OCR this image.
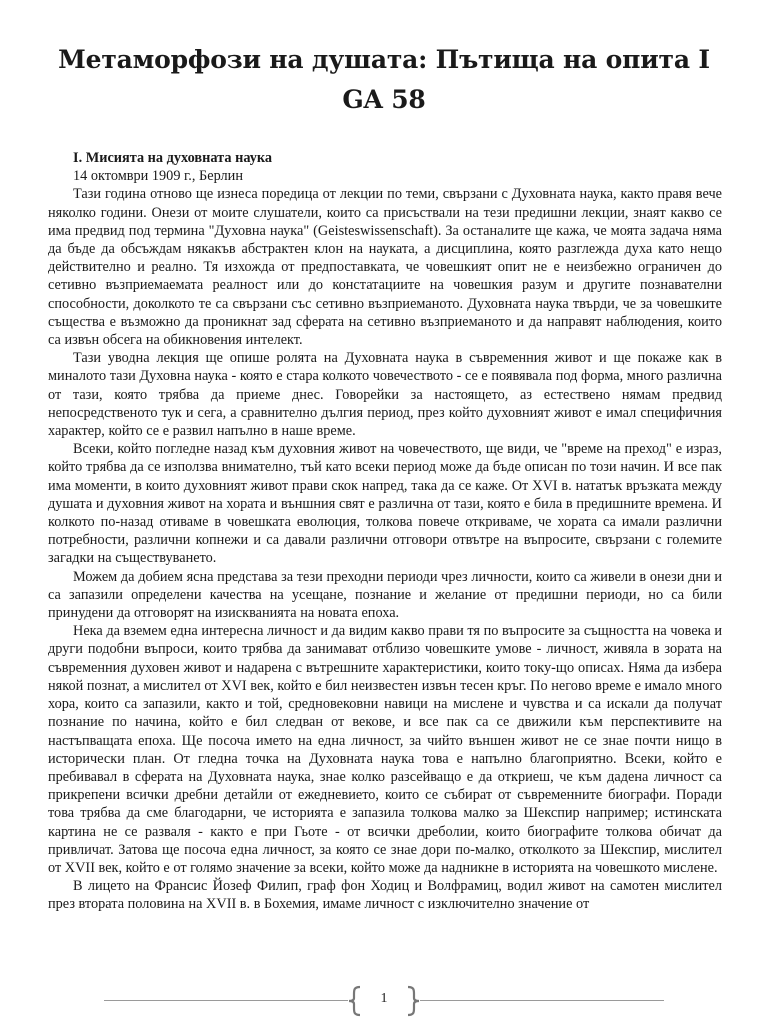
Метаморфози на душата: Пътища на опита I GA 58

I. Мисията на духовната наука

14 октомври 1909 г., Берлин

Тази година отново ще изнеса поредица от лекции по теми, свързани с Духовната наука, както правя вече няколко години. Онези от моите слушатели, които са присъствали на тези предишни лекции, знаят какво се има предвид под термина "Духовна наука" (Geisteswissenschaft). За останалите ще кажа, че моята задача няма да бъде да обсъждам някакъв абстрактен клон на науката, а дисциплина, която разглежда духа като нещо действително и реално. Тя изхожда от предпоставката, че човешкият опит не е неизбежно ограничен до сетивно възприемаемата реалност или до констатациите на човешкия разум и другите познавателни способности, доколкото те са свързани със сетивно възприеманото. Духовната наука твърди, че за човешките същества е възможно да проникнат зад сферата на сетивно възприеманото и да направят наблюдения, които са извън обсега на обикновения интелект.

Тази уводна лекция ще опише ролята на Духовната наука в съвременния живот и ще покаже как в миналото тази Духовна наука - която е стара колкото човечеството - се е появявала под форма, много различна от тази, която трябва да приеме днес. Говорейки за настоящето, аз естествено нямам предвид непосредственото тук и сега, а сравнително дългия период, през който духовният живот е имал специфичния характер, който се е развил напълно в наше време.

Всеки, който погледне назад към духовния живот на човечеството, ще види, че "време на преход" е израз, който трябва да се използва внимателно, тъй като всеки период може да бъде описан по този начин. И все пак има моменти, в които духовният живот прави скок напред, така да се каже. От XVI в. нататък връзката между душата и духовния живот на хората и външния свят е различна от тази, която е била в предишните времена. И колкото по-назад отиваме в човешката еволюция, толкова повече откриваме, че хората са имали различни потребности, различни копнежи и са давали различни отговори отвътре на въпросите, свързани с големите загадки на съществуването.

Можем да добием ясна представа за тези преходни периоди чрез личности, които са живели в онези дни и са запазили определени качества на усещане, познание и желание от предишни периоди, но са били принудени да отговорят на изискванията на новата епоха.

Нека да вземем една интересна личност и да видим какво прави тя по въпросите за същността на човека и други подобни въпроси, които трябва да занимават отблизо човешките умове - личност, живяла в зората на съвременния духовен живот и надарена с вътрешните характеристики, които току-що описах. Няма да избера някой познат, а мислител от XVI век, който е бил неизвестен извън тесен кръг. По негово време е имало много хора, които са запазили, както и той, средновековни навици на мислене и чувства и са искали да получат познание по начина, който е бил следван от векове, и все пак са се движили към перспективите на настъпващата епоха. Ще посоча името на една личност, за чийто външен живот не се знае почти нищо в исторически план. От гледна точка на Духовната наука това е напълно благоприятно. Всеки, който е пребивавал в сферата на Духовната наука, знае колко разсейващо е да откриеш, че към дадена личност са прикрепени всички дребни детайли от ежедневието, които се събират от съвременните биографи. Поради това трябва да сме благодарни, че историята е запазила толкова малко за Шекспир например; истинската картина не се разваля - както е при Гьоте - от всички дреболии, които биографите толкова обичат да привличат. Затова ще посоча една личност, за която се знае дори по-малко, отколкото за Шекспир, мислител от XVII век, който е от голямо значение за всеки, който може да надникне в историята на човешкото мислене.

В лицето на Франсис Йозеф Филип, граф фон Ходиц и Волфрамиц, водил живот на самотен мислител през втората половина на XVII в. в Бохемия, имаме личност с изключително значение от

1
